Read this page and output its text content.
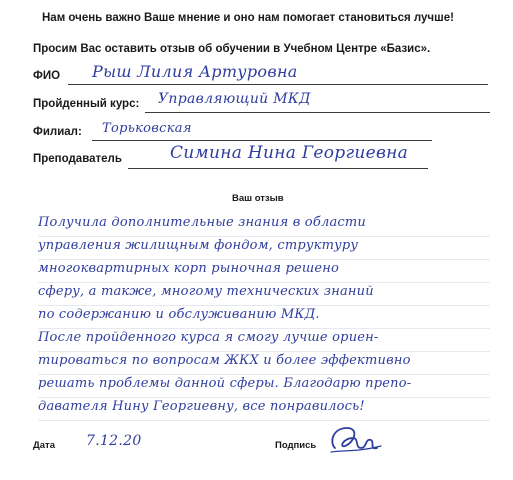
Нам очень важно Ваше мнение и оно нам помогает становиться лучше!
Просим Вас оставить отзыв об обучении в Учебном Центре «Базис».
ФИО Рыш Лилия Артуровна
Пройденный курс: Управляющий МКД
Филиал: Торьковская
Преподаватель	Симина Нина Георгиевна
Ваш отзыв
Получила дополнительные знания в области
управления жилищным фондом, структуру
многоквартирных корп рыночная решено
сферу, а также, многому технических знаний
по содержанию и обслуживанию МКД.
После пройденного курса я смогу лучше ориен-
тироваться по вопросам ЖКХ и более эффективно
решать проблемы данной сферы. Благодарю препо-
давателя Нину Георгиевну, все понравилось!
Дата 7.12.20	Подпись
